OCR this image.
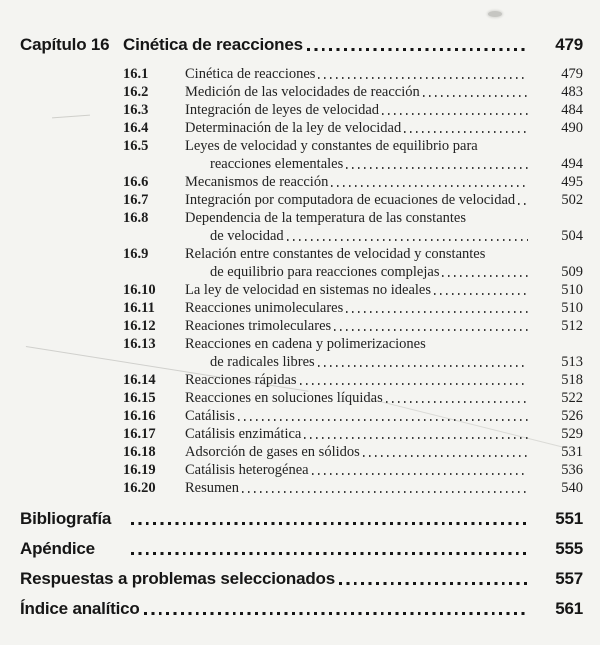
Capítulo 16 Cinética de reacciones	479
16.1	Cinética de reacciones	479
16.2	Medición de las velocidades de reacción	483
16.3	Integración de leyes de velocidad	484
16.4	Determinación de la ley de velocidad	490
16.5	Leyes de velocidad y constantes de equilibrio para
reacciones elementales	494
16.6	Mecanismos de reacción	495
16.7	Integración por computadora de ecuaciones de velocidad	502
16.8	Dependencia de la temperatura de las constantes
de velocidad	504
16.9	Relación entre constantes de velocidad y constantes
de equilibrio para reacciones complejas	509
16.10	La ley de velocidad en sistemas no ideales	510
16.11	Reacciones unimoleculares	510
16.12	Reaciones trimoleculares	512
16.13	Reacciones en cadena y polimerizaciones
de radicales libres	513
16.14	Reacciones rápidas	518
16.15	Reacciones en soluciones líquidas	522
16.16	Catálisis	526
16.17	Catálisis enzimática	529
16.18	Adsorción de gases en sólidos	531
16.19	Catálisis heterogénea	536
16.20	Resumen	540
Bibliografía	551
Apéndice	555
Respuestas a problemas seleccionados	557
Índice analítico	561
